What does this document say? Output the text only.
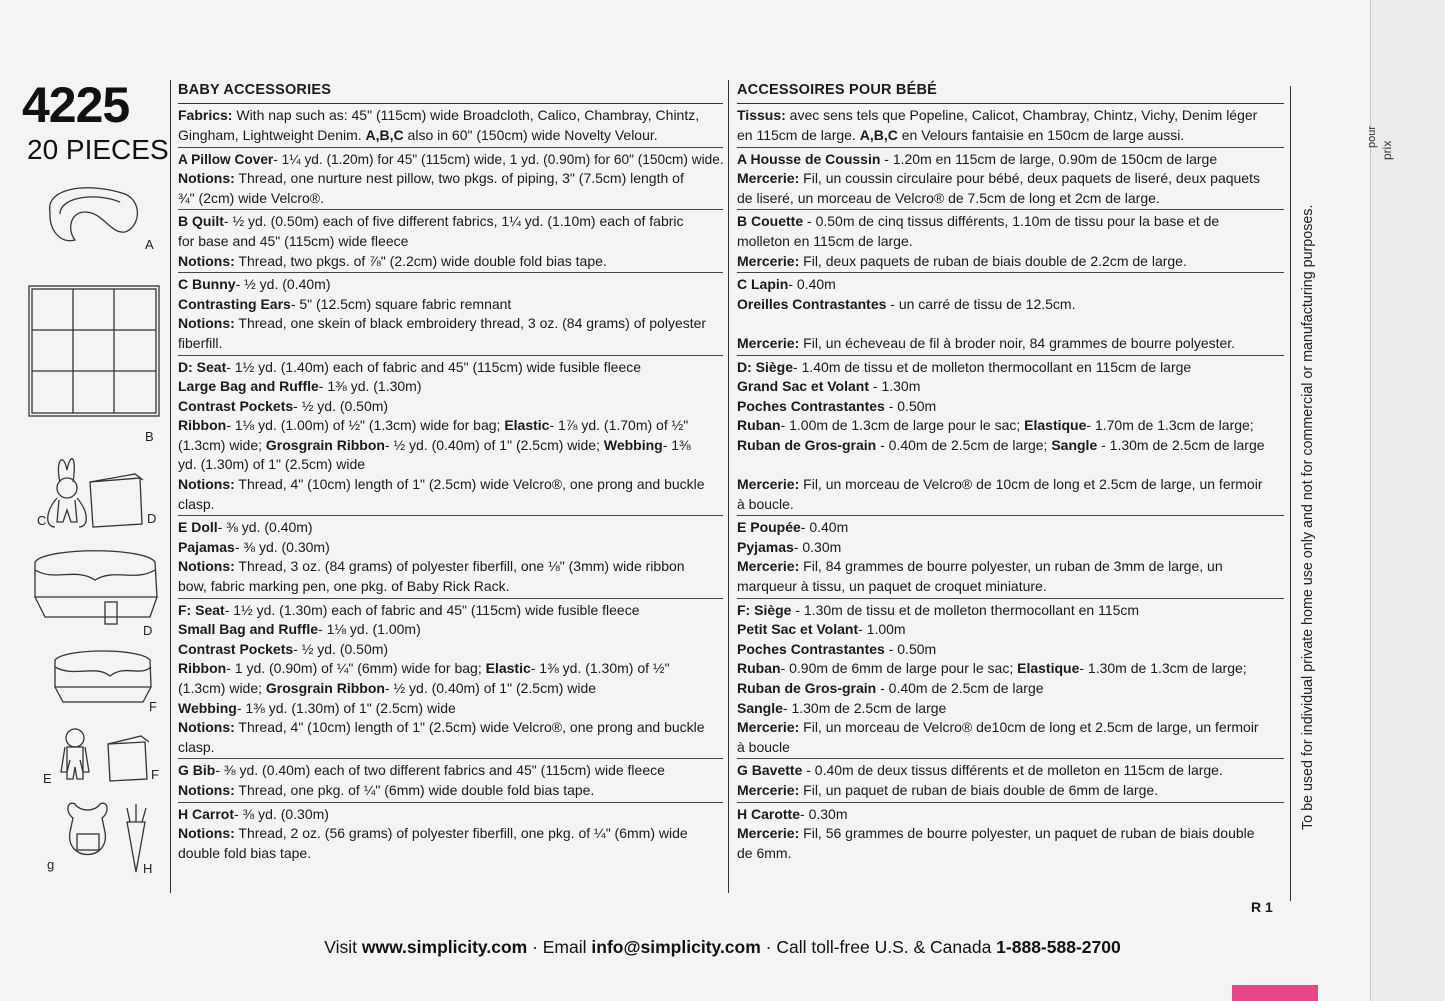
4225
20 PIECES
A
B
C	D
D
F
E	F
g	H
BABY ACCESSORIES
Fabrics: With nap such as: 45" (115cm) wide Broadcloth, Calico, Chambray, Chintz,
Gingham, Lightweight Denim. A,B,C also in 60" (150cm) wide Novelty Velour.
A Pillow Cover- 1¼ yd. (1.20m) for 45" (115cm) wide, 1 yd. (0.90m) for 60" (150cm) wide.
Notions: Thread, one nurture nest pillow, two pkgs. of piping, 3" (7.5cm) length of
¾" (2cm) wide Velcro®.
B Quilt- ½ yd. (0.50m) each of five different fabrics, 1¼ yd. (1.10m) each of fabric
for base and 45" (115cm) wide fleece
Notions: Thread, two pkgs. of ⅞" (2.2cm) wide double fold bias tape.
C Bunny- ½ yd. (0.40m)
Contrasting Ears- 5" (12.5cm) square fabric remnant
Notions: Thread, one skein of black embroidery thread, 3 oz. (84 grams) of polyester
fiberfill.
D: Seat- 1½ yd. (1.40m) each of fabric and 45" (115cm) wide fusible fleece
Large Bag and Ruffle- 1⅜ yd. (1.30m)
Contrast Pockets- ½ yd. (0.50m)
Ribbon- 1⅛ yd. (1.00m) of ½" (1.3cm) wide for bag; Elastic- 1⅞ yd. (1.70m) of ½"
(1.3cm) wide; Grosgrain Ribbon- ½ yd. (0.40m) of 1" (2.5cm) wide; Webbing- 1⅜
yd. (1.30m) of 1" (2.5cm) wide
Notions: Thread, 4" (10cm) length of 1" (2.5cm) wide Velcro®, one prong and buckle
clasp.
E Doll- ⅜ yd. (0.40m)
Pajamas- ⅜ yd. (0.30m)
Notions: Thread, 3 oz. (84 grams) of polyester fiberfill, one ⅛" (3mm) wide ribbon
bow, fabric marking pen, one pkg. of Baby Rick Rack.
F: Seat- 1½ yd. (1.30m) each of fabric and 45" (115cm) wide fusible fleece
Small Bag and Ruffle- 1⅛ yd. (1.00m)
Contrast Pockets- ½ yd. (0.50m)
Ribbon- 1 yd. (0.90m) of ¼" (6mm) wide for bag; Elastic- 1⅜ yd. (1.30m) of ½"
(1.3cm) wide; Grosgrain Ribbon- ½ yd. (0.40m) of 1" (2.5cm) wide
Webbing- 1⅜ yd. (1.30m) of 1" (2.5cm) wide
Notions: Thread, 4" (10cm) length of 1" (2.5cm) wide Velcro®, one prong and buckle
clasp.
G Bib- ⅜ yd. (0.40m) each of two different fabrics and 45" (115cm) wide fleece
Notions: Thread, one pkg. of ¼" (6mm) wide double fold bias tape.
H Carrot- ⅜ yd. (0.30m)
Notions: Thread, 2 oz. (56 grams) of polyester fiberfill, one pkg. of ¼" (6mm) wide
double fold bias tape.
ACCESSOIRES POUR BÉBÉ
Tissus: avec sens tels que Popeline, Calicot, Chambray, Chintz, Vichy, Denim léger
en 115cm de large. A,B,C en Velours fantaisie en 150cm de large aussi.
A Housse de Coussin - 1.20m en 115cm de large, 0.90m de 150cm de large
Mercerie: Fil, un coussin circulaire pour bébé, deux paquets de liseré, deux paquets
de liseré, un morceau de Velcro® de 7.5cm de long et 2cm de large.
B Couette - 0.50m de cinq tissus différents, 1.10m de tissu pour la base et de
molleton en 115cm de large.
Mercerie: Fil, deux paquets de ruban de biais double de 2.2cm de large.
C Lapin- 0.40m
Oreilles Contrastantes - un carré de tissu de 12.5cm.
Mercerie: Fil, un écheveau de fil à broder noir, 84 grammes de bourre polyester.
D: Siège- 1.40m de tissu et de molleton thermocollant en 115cm de large
Grand Sac et Volant - 1.30m
Poches Contrastantes - 0.50m
Ruban- 1.00m de 1.3cm de large pour le sac; Elastique- 1.70m de 1.3cm de large;
Ruban de Gros-grain - 0.40m de 2.5cm de large; Sangle - 1.30m de 2.5cm de large
Mercerie: Fil, un morceau de Velcro® de 10cm de long et 2.5cm de large, un fermoir
à boucle.
E Poupée- 0.40m
Pyjamas- 0.30m
Mercerie: Fil, 84 grammes de bourre polyester, un ruban de 3mm de large, un
marqueur à tissu, un paquet de croquet miniature.
F: Siège - 1.30m de tissu et de molleton thermocollant en 115cm
Petit Sac et Volant- 1.00m
Poches Contrastantes - 0.50m
Ruban- 0.90m de 6mm de large pour le sac; Elastique- 1.30m de 1.3cm de large;
Ruban de Gros-grain - 0.40m de 2.5cm de large
Sangle- 1.30m de 2.5cm de large
Mercerie: Fil, un morceau de Velcro® de10cm de long et 2.5cm de large, un fermoir
à boucle
G Bavette - 0.40m de deux tissus différents et de molleton en 115cm de large.
Mercerie: Fil, un paquet de ruban de biais double de 6mm de large.
H Carotte- 0.30m
Mercerie: Fil, 56 grammes de bourre polyester, un paquet de ruban de biais double
de 6mm.
R 1
To be used for individual private home use only and not for commercial or manufacturing purposes.
pour
prix
Visit www.simplicity.com · Email info@simplicity.com · Call toll-free U.S. & Canada 1-888-588-2700
